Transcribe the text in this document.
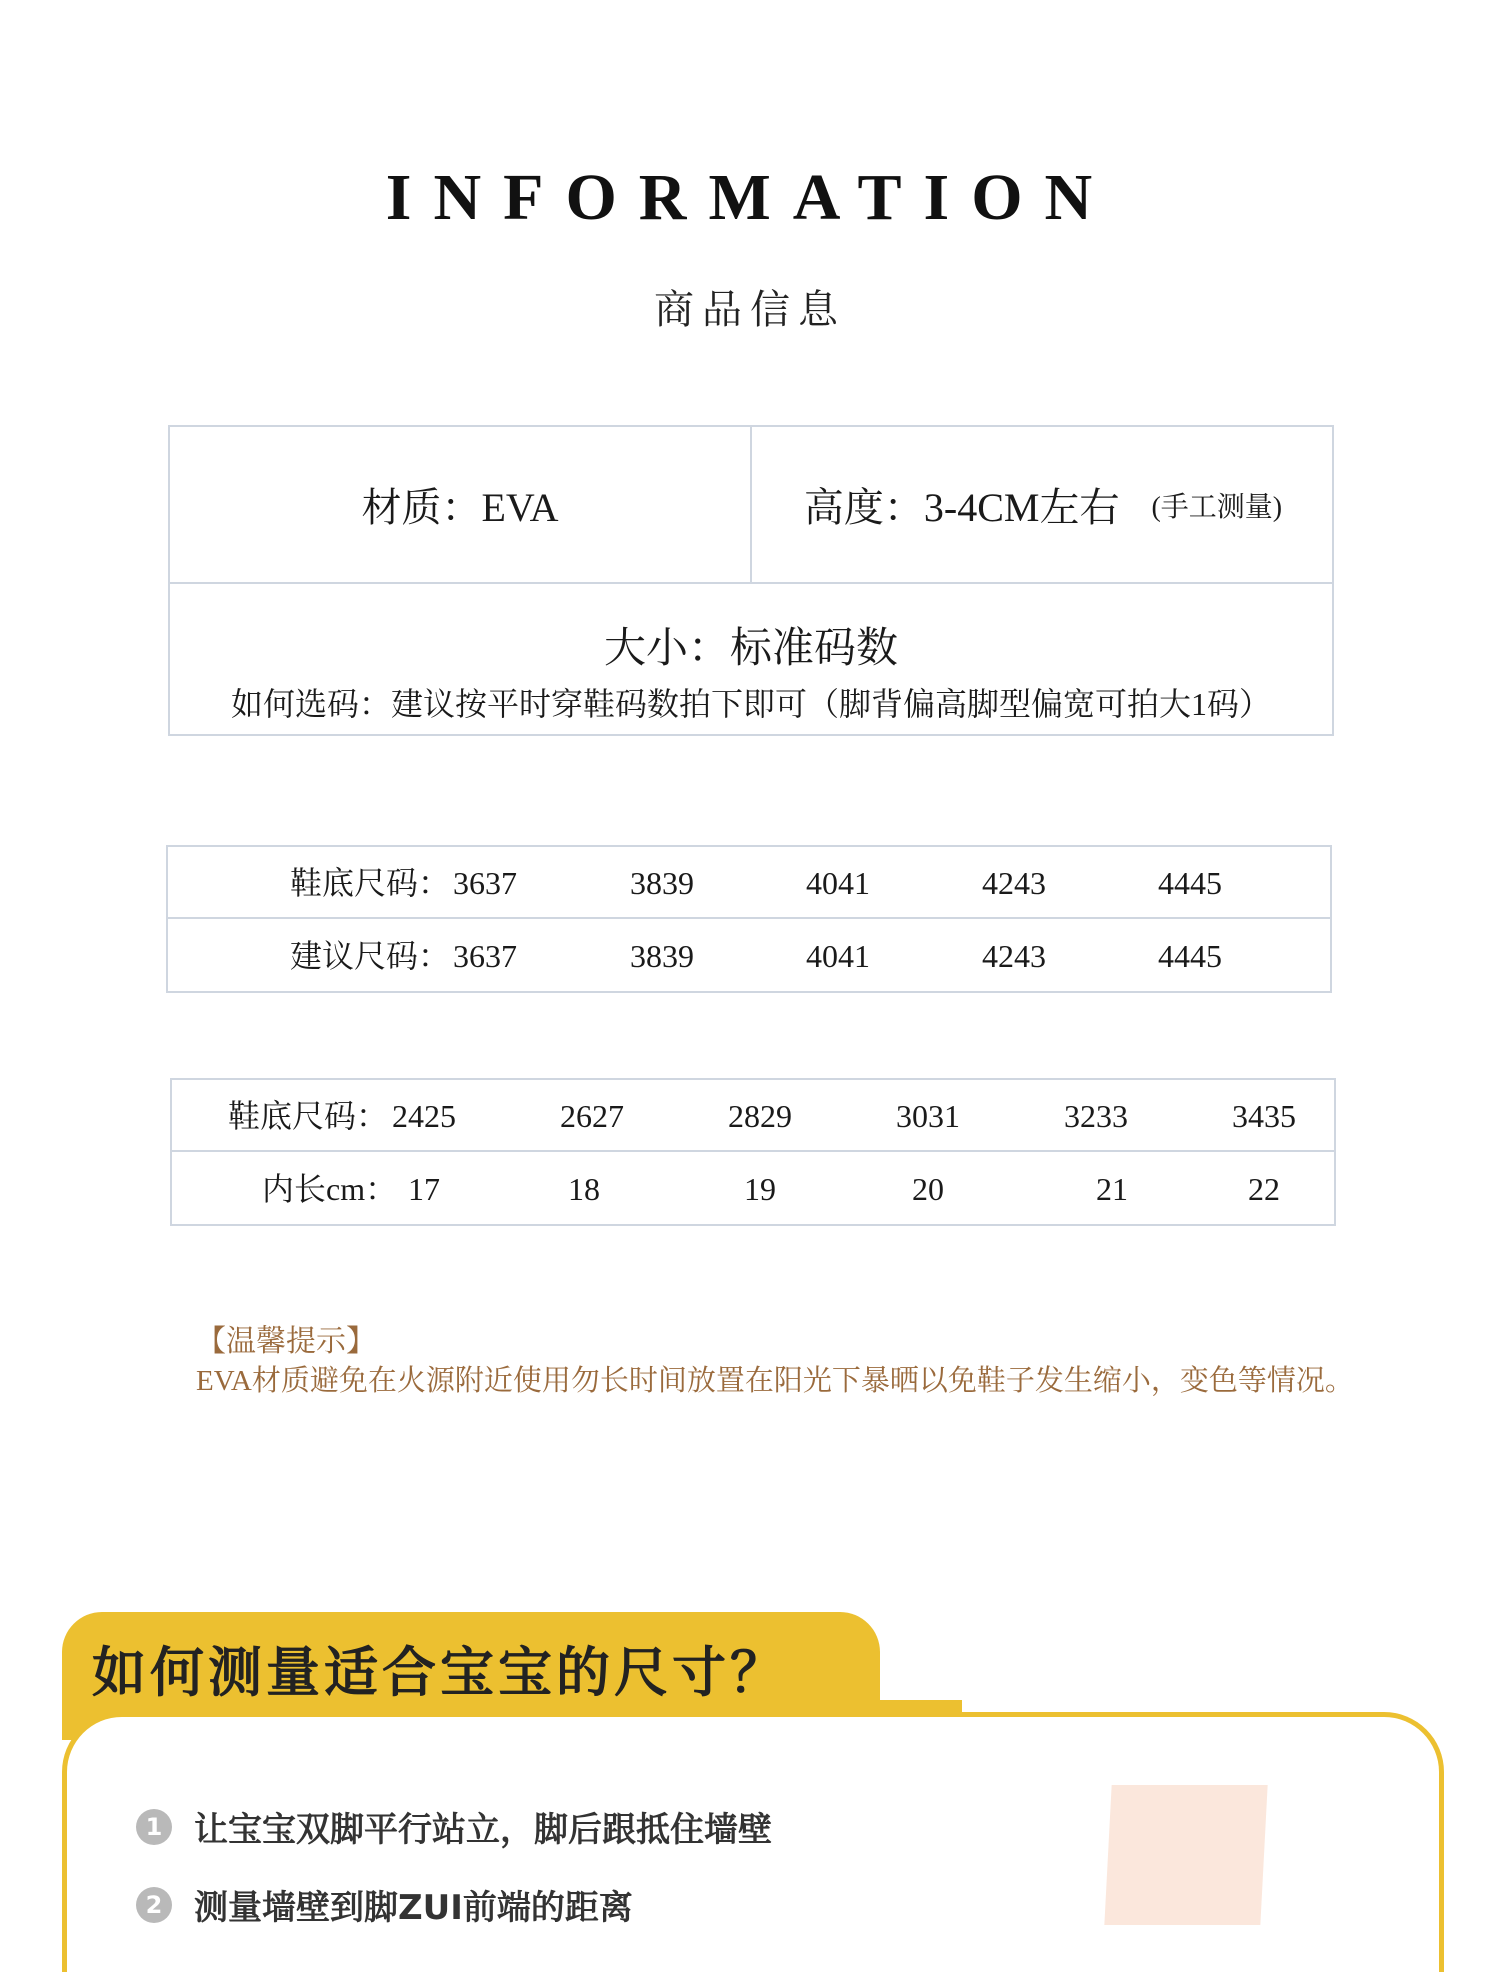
INFORMATION
商品信息
材质：EVA	高度：3-4CM左右 (手工测量)
大小：标准码数
如何选码：建议按平时穿鞋码数拍下即可（脚背偏高脚型偏宽可拍大1码）
鞋底尺码： 3637	3839	4041	4243	4445
建议尺码： 3637	3839	4041	4243	4445
鞋底尺码： 2425	2627	2829	3031	3233	3435
内长cm： 17	18	19	20	21	22
【温馨提示】
EVA材质避免在火源附近使用勿长时间放置在阳光下暴晒以免鞋子发生缩小，变色等情况。
如何测量适合宝宝的尺寸？
1 让宝宝双脚平行站立，脚后跟抵住墙壁
2 测量墙壁到脚ZUI前端的距离
